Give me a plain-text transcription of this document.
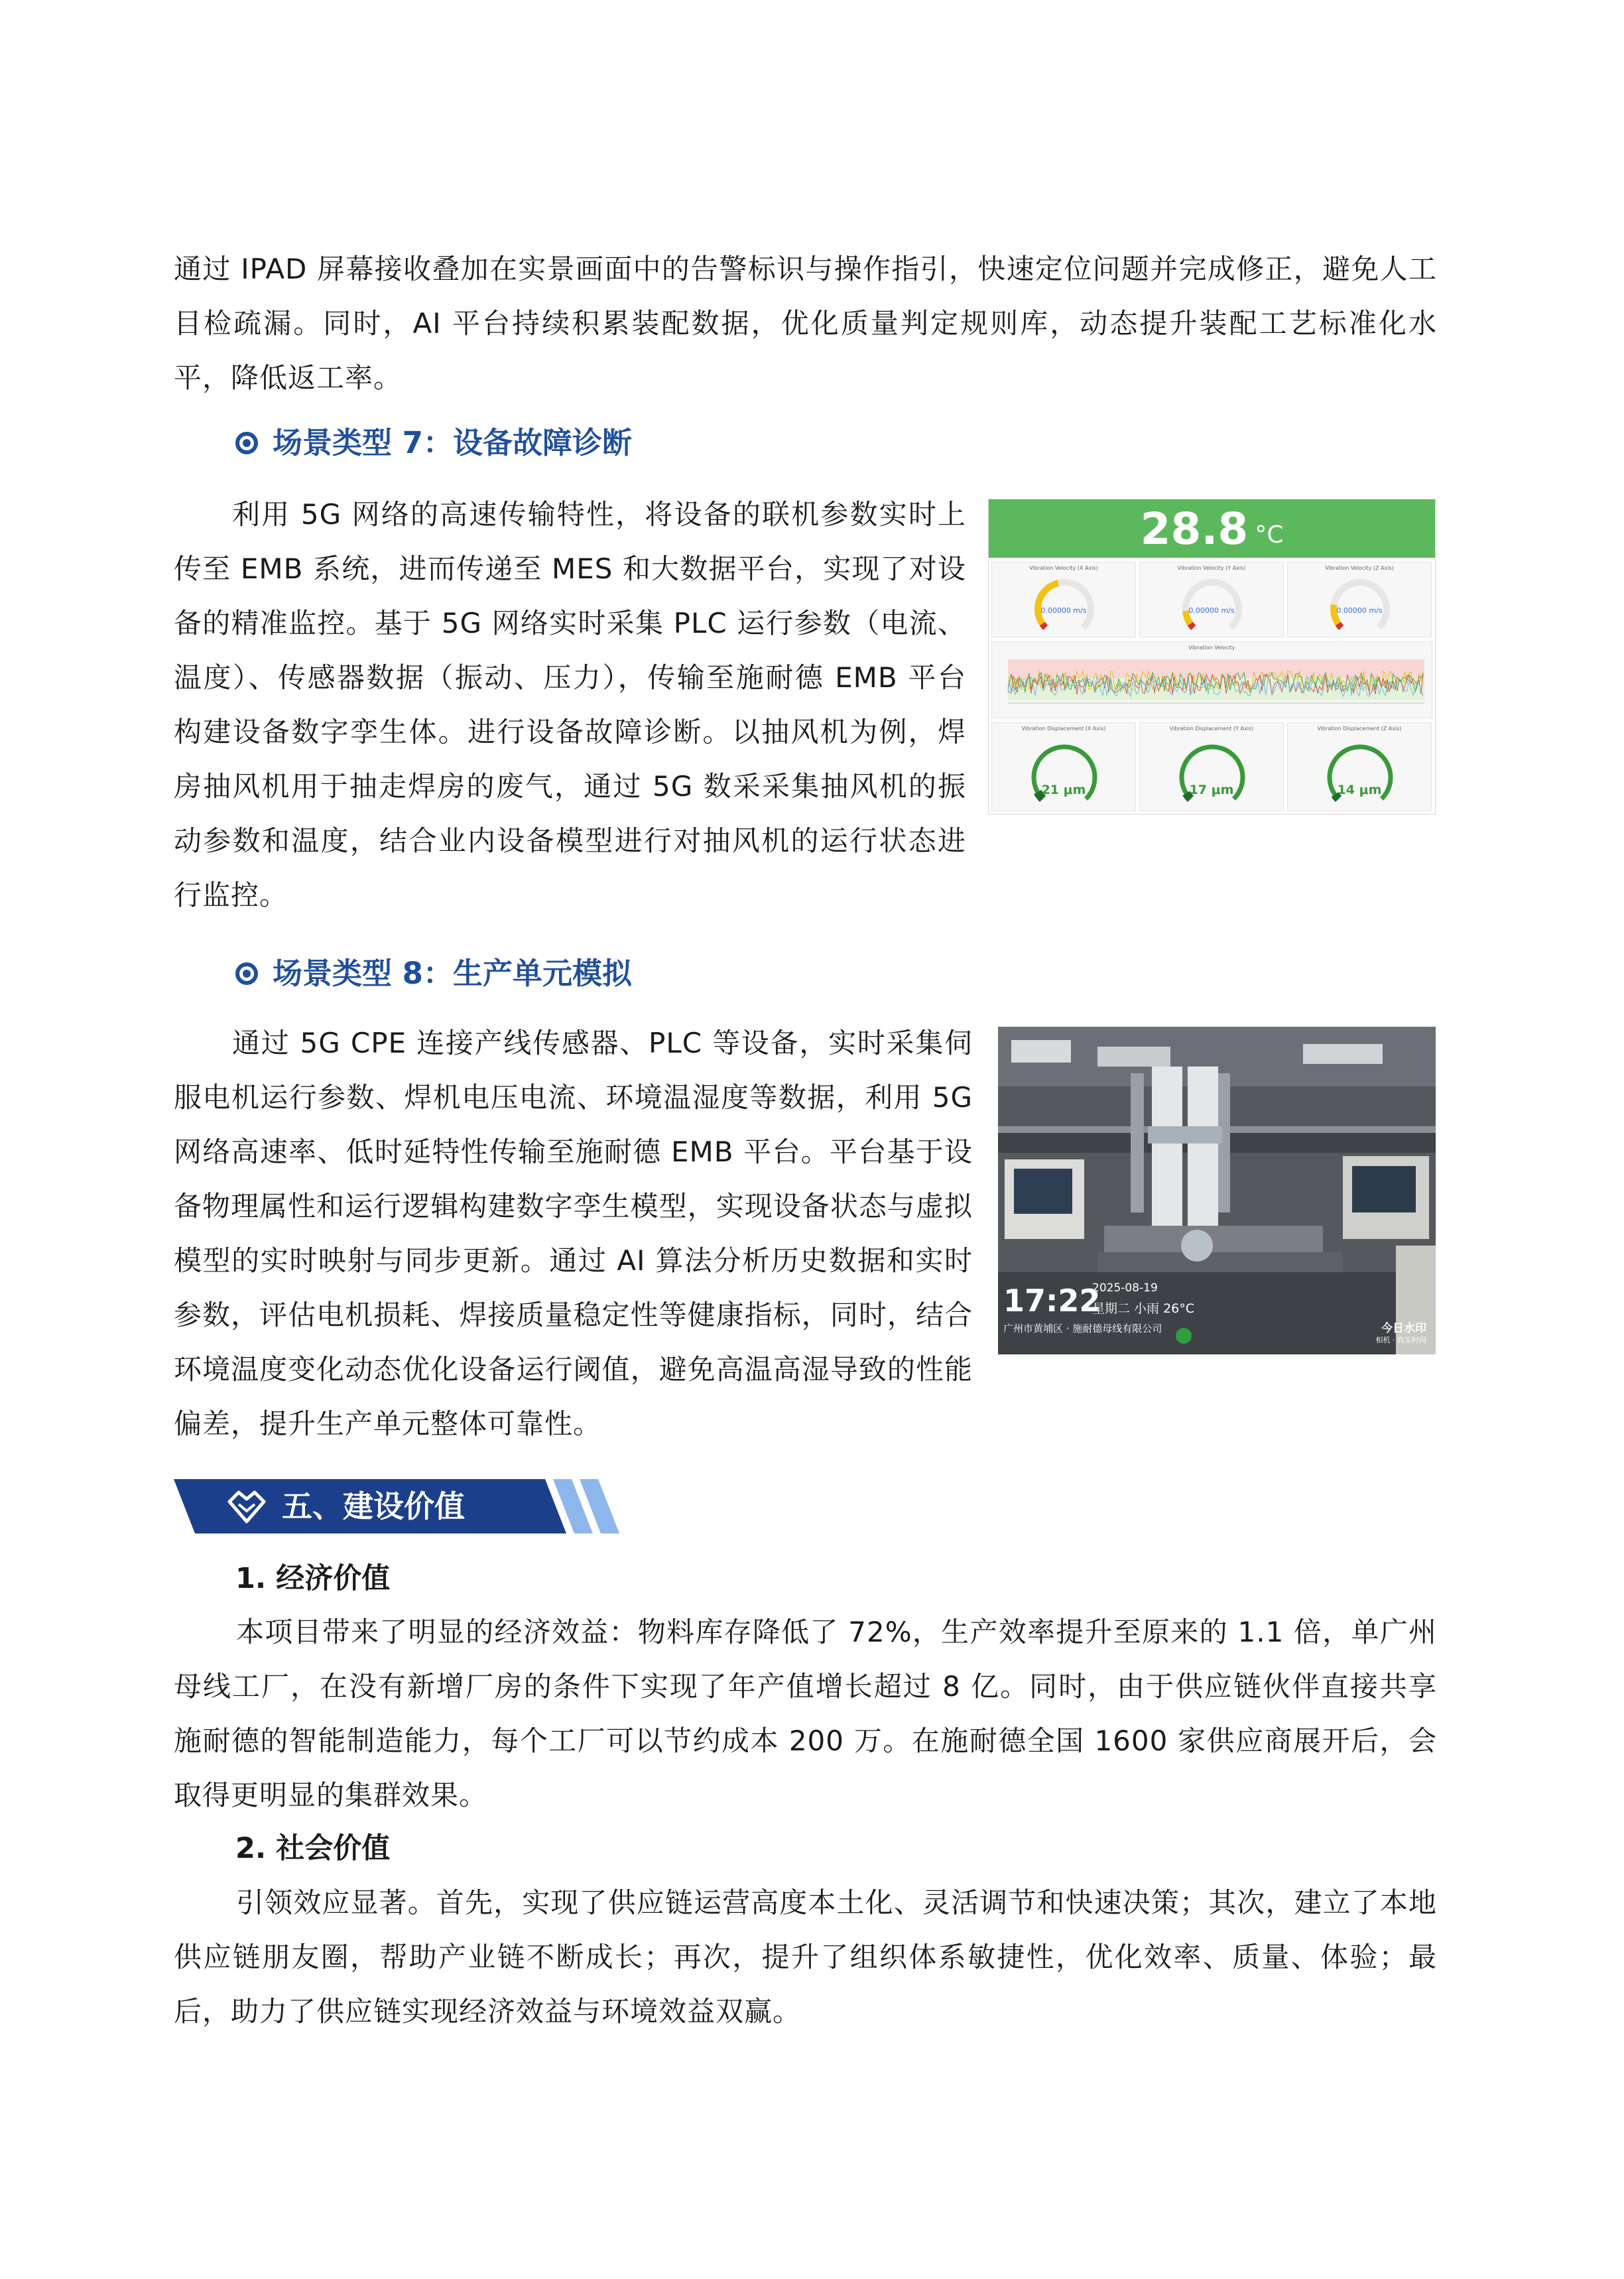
通过 IPAD 屏幕接收叠加在实景画面中的告警标识与操作指引，快速定位问题并完成修正，避免人工目检疏漏。同时，AI 平台持续积累装配数据，优化质量判定规则库，动态提升装配工艺标准化水平，降低返工率。
场景类型 7：设备故障诊断
利用 5G 网络的高速传输特性，将设备的联机参数实时上传至 EMB 系统，进而传递至 MES 和大数据平台，实现了对设备的精准监控。基于 5G 网络实时采集 PLC 运行参数（电流、温度）、传感器数据（振动、压力），传输至施耐德 EMB 平台构建设备数字孪生体。进行设备故障诊断。以抽风机为例，焊房抽风机用于抽走焊房的废气，通过 5G 数采采集抽风机的振动参数和温度，结合业内设备模型进行对抽风机的运行状态进行监控。
28.8 °C
Vibration Velocity
Vibration Velocity (X Axis)
0.00000 m/s
Vibration Velocity (Y Axis)
0.00000 m/s
Vibration Velocity (Z Axis)
0.00000 m/s
Vibration Displacement (X Axis)
21 μm
Vibration Displacement (Y Axis)
17 μm
Vibration Displacement (Z Axis)
14 μm
场景类型 8：生产单元模拟
通过 5G CPE 连接产线传感器、PLC 等设备，实时采集伺服电机运行参数、焊机电压电流、环境温湿度等数据，利用 5G 网络高速率、低时延特性传输至施耐德 EMB 平台。平台基于设备物理属性和运行逻辑构建数字孪生模型，实现设备状态与虚拟模型的实时映射与同步更新。通过 AI 算法分析历史数据和实时参数，评估电机损耗、焊接质量稳定性等健康指标，同时，结合环境温度变化动态优化设备运行阈值，避免高温高湿导致的性能偏差，提升生产单元整体可靠性。
17:22
2025-08-19
星期二 小雨 26°C
广州市黄埔区 · 施耐德母线有限公司	今日水印
相机 · 真实时间
五、建设价值
1. 经济价值
本项目带来了明显的经济效益：物料库存降低了 72%，生产效率提升至原来的 1.1 倍，单广州母线工厂，在没有新增厂房的条件下实现了年产值增长超过 8 亿。同时，由于供应链伙伴直接共享施耐德的智能制造能力，每个工厂可以节约成本 200 万。在施耐德全国 1600 家供应商展开后，会取得更明显的集群效果。
2. 社会价值
引领效应显著。首先，实现了供应链运营高度本土化、灵活调节和快速决策；其次，建立了本地供应链朋友圈，帮助产业链不断成长；再次，提升了组织体系敏捷性，优化效率、质量、体验；最后，助力了供应链实现经济效益与环境效益双赢。
